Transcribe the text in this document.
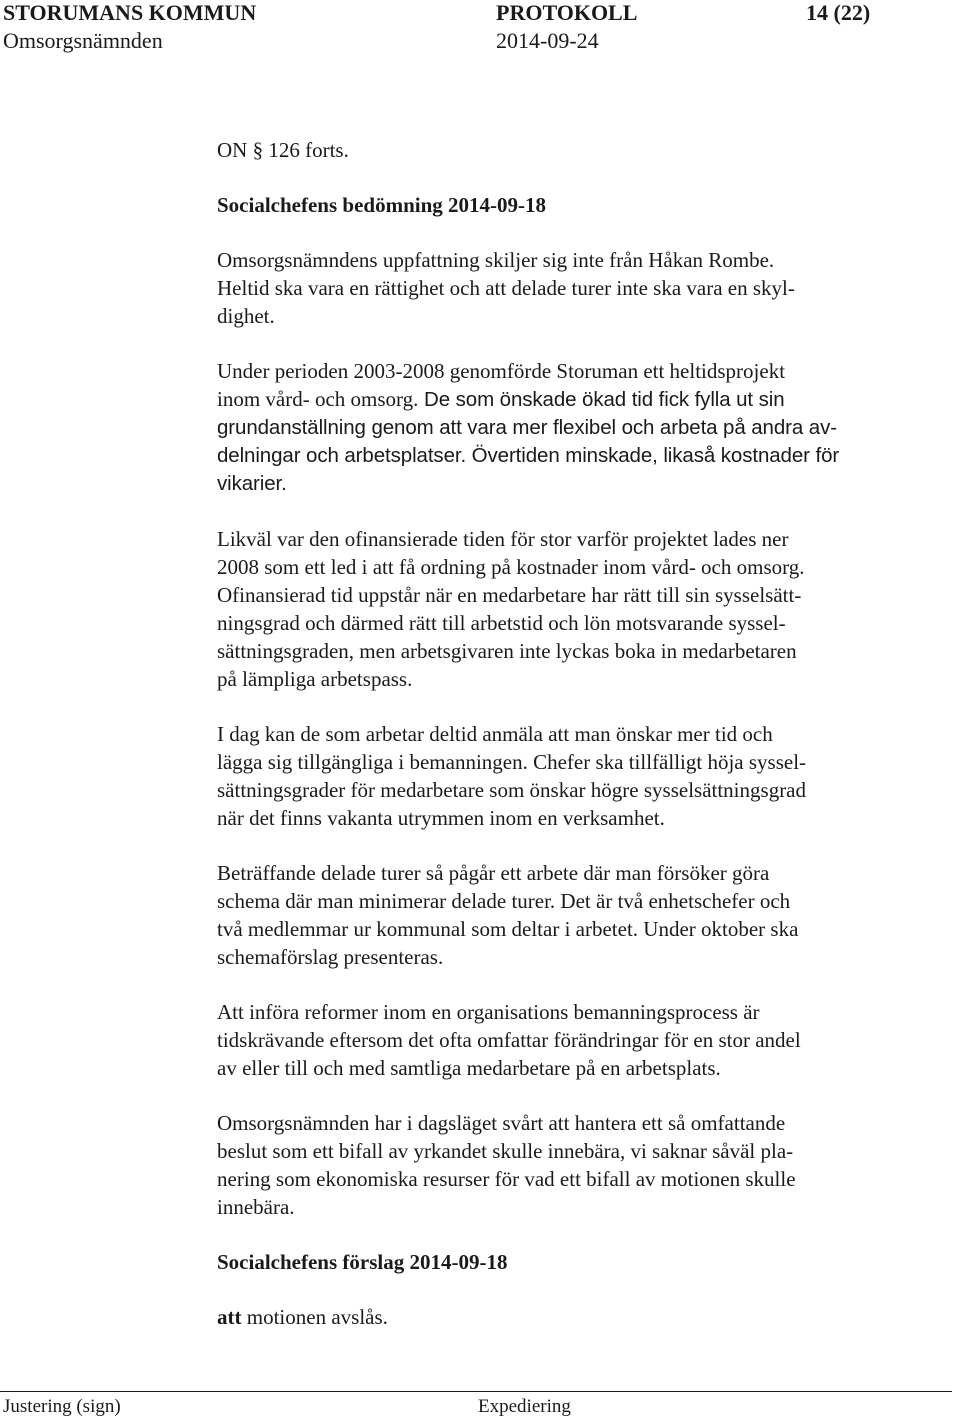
STORUMANS KOMMUN	PROTOKOLL	14 (22)
Omsorgsnämnden	2014-09-24

ON § 126 forts.

Socialchefens bedömning 2014-09-18

Omsorgsnämndens uppfattning skiljer sig inte från Håkan Rombe.
Heltid ska vara en rättighet och att delade turer inte ska vara en skyl-
dighet.

Under perioden 2003-2008 genomförde Storuman ett heltidsprojekt
inom vård- och omsorg. De som önskade ökad tid fick fylla ut sin
grundanställning genom att vara mer flexibel och arbeta på andra av-
delningar och arbetsplatser. Övertiden minskade, likaså kostnader för
vikarier.

Likväl var den ofinansierade tiden för stor varför projektet lades ner
2008 som ett led i att få ordning på kostnader inom vård- och omsorg.
Ofinansierad tid uppstår när en medarbetare har rätt till sin sysselsätt-
ningsgrad och därmed rätt till arbetstid och lön motsvarande syssel-
sättningsgraden, men arbetsgivaren inte lyckas boka in medarbetaren
på lämpliga arbetspass.

I dag kan de som arbetar deltid anmäla att man önskar mer tid och
lägga sig tillgängliga i bemanningen. Chefer ska tillfälligt höja syssel-
sättningsgrader för medarbetare som önskar högre sysselsättningsgrad
när det finns vakanta utrymmen inom en verksamhet.

Beträffande delade turer så pågår ett arbete där man försöker göra
schema där man minimerar delade turer. Det är två enhetschefer och
två medlemmar ur kommunal som deltar i arbetet. Under oktober ska
schemaförslag presenteras.

Att införa reformer inom en organisations bemanningsprocess är
tidskrävande eftersom det ofta omfattar förändringar för en stor andel
av eller till och med samtliga medarbetare på en arbetsplats.

Omsorgsnämnden har i dagsläget svårt att hantera ett så omfattande
beslut som ett bifall av yrkandet skulle innebära, vi saknar såväl pla-
nering som ekonomiska resurser för vad ett bifall av motionen skulle
innebära.

Socialchefens förslag 2014-09-18

att motionen avslås.

Justering (sign)	Expediering
